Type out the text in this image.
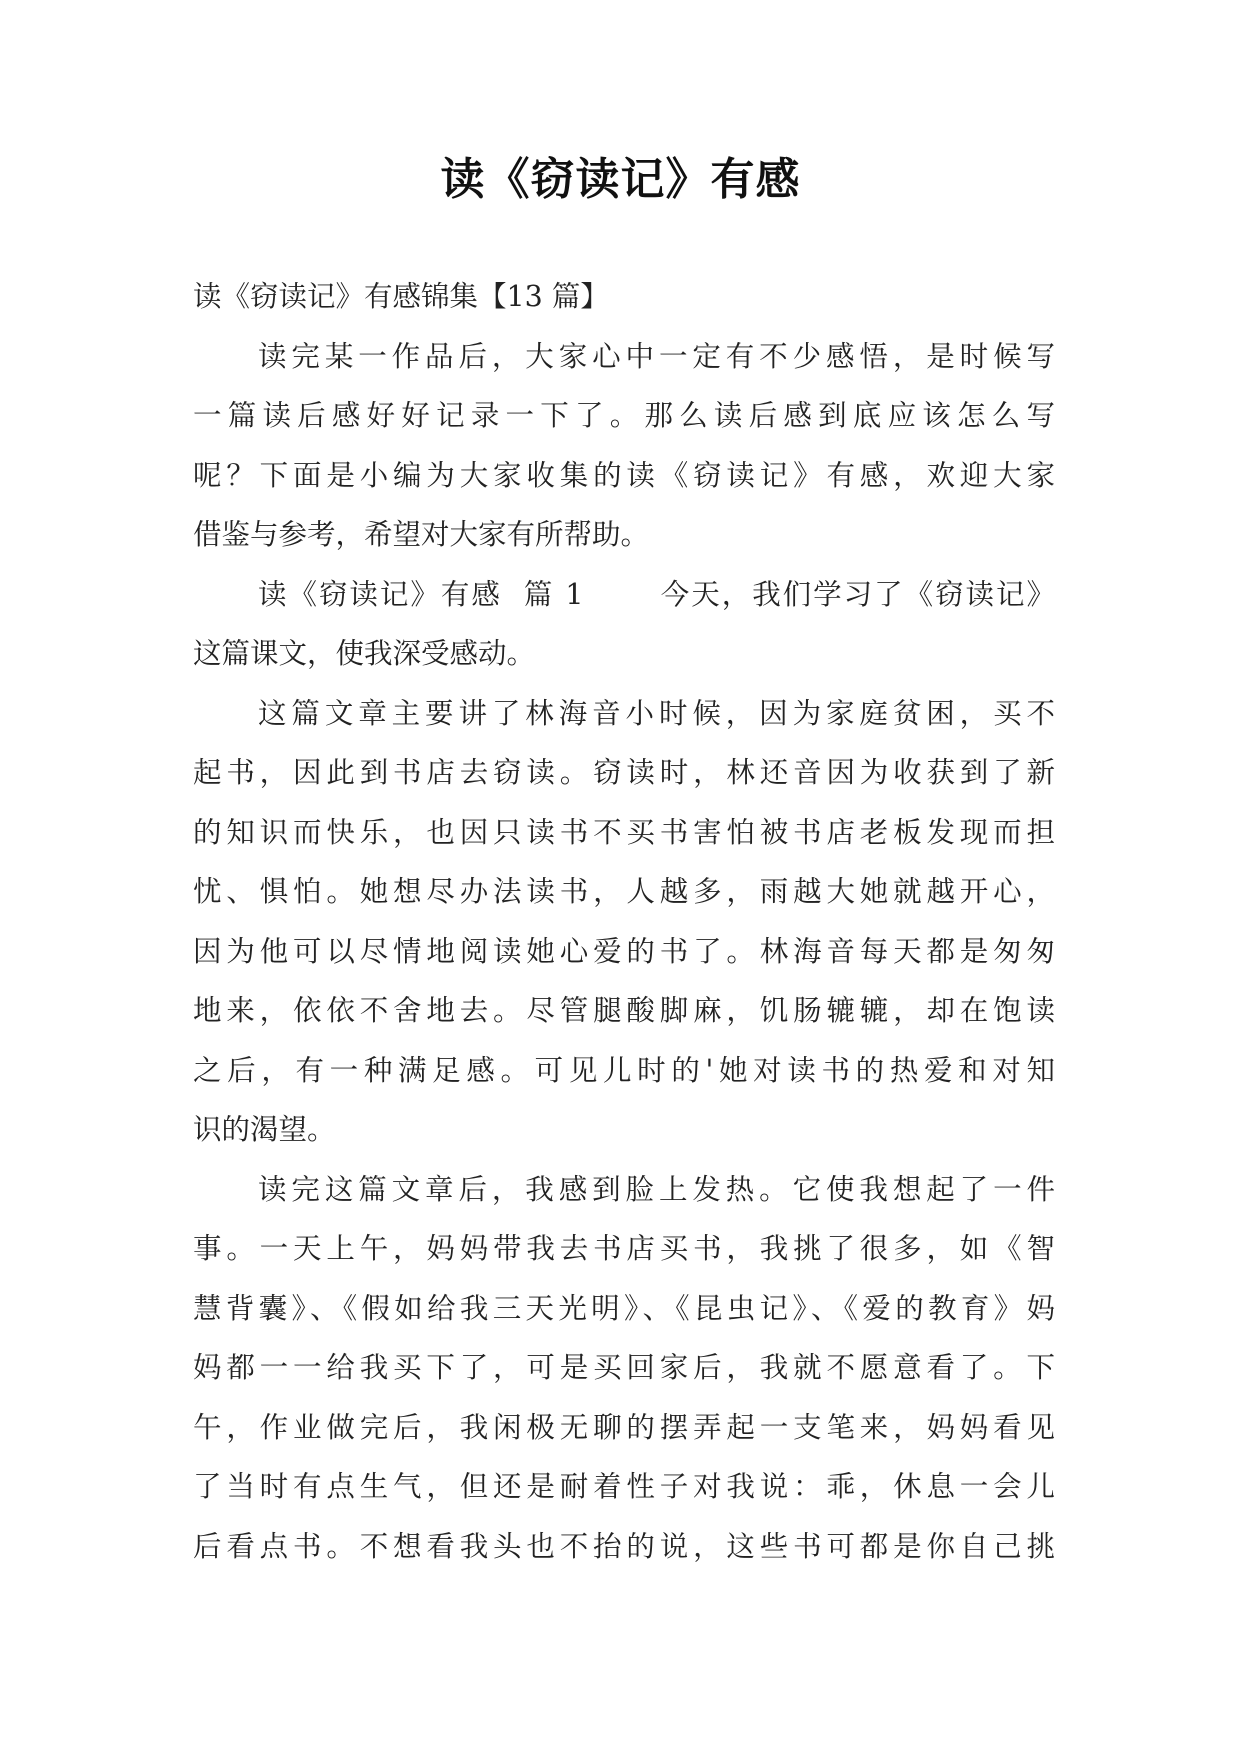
读《窃读记》有感
读《窃读记》有感锦集【13 篇】
读完某一作品后，大家心中一定有不少感悟，是时候写
一篇读后感好好记录一下了。那么读后感到底应该怎么写
呢？下面是小编为大家收集的读《窃读记》有感，欢迎大家
借鉴与参考，希望对大家有所帮助。
读《窃读记》有感  篇 1       今天，我们学习了《窃读记》
这篇课文，使我深受感动。
这篇文章主要讲了林海音小时候，因为家庭贫困，买不
起书，因此到书店去窃读。窃读时，林还音因为收获到了新
的知识而快乐，也因只读书不买书害怕被书店老板发现而担
忧、惧怕。她想尽办法读书，人越多，雨越大她就越开心，
因为他可以尽情地阅读她心爱的书了。林海音每天都是匆匆
地来，依依不舍地去。尽管腿酸脚麻，饥肠辘辘，却在饱读
之后，有一种满足感。可见儿时的'她对读书的热爱和对知
识的渴望。
读完这篇文章后，我感到脸上发热。它使我想起了一件
事。一天上午，妈妈带我去书店买书，我挑了很多，如《智
慧背囊》、《假如给我三天光明》、《昆虫记》、《爱的教育》妈
妈都一一给我买下了，可是买回家后，我就不愿意看了。下
午，作业做完后，我闲极无聊的摆弄起一支笔来，妈妈看见
了当时有点生气，但还是耐着性子对我说：乖，休息一会儿
后看点书。不想看我头也不抬的说，这些书可都是你自己挑
